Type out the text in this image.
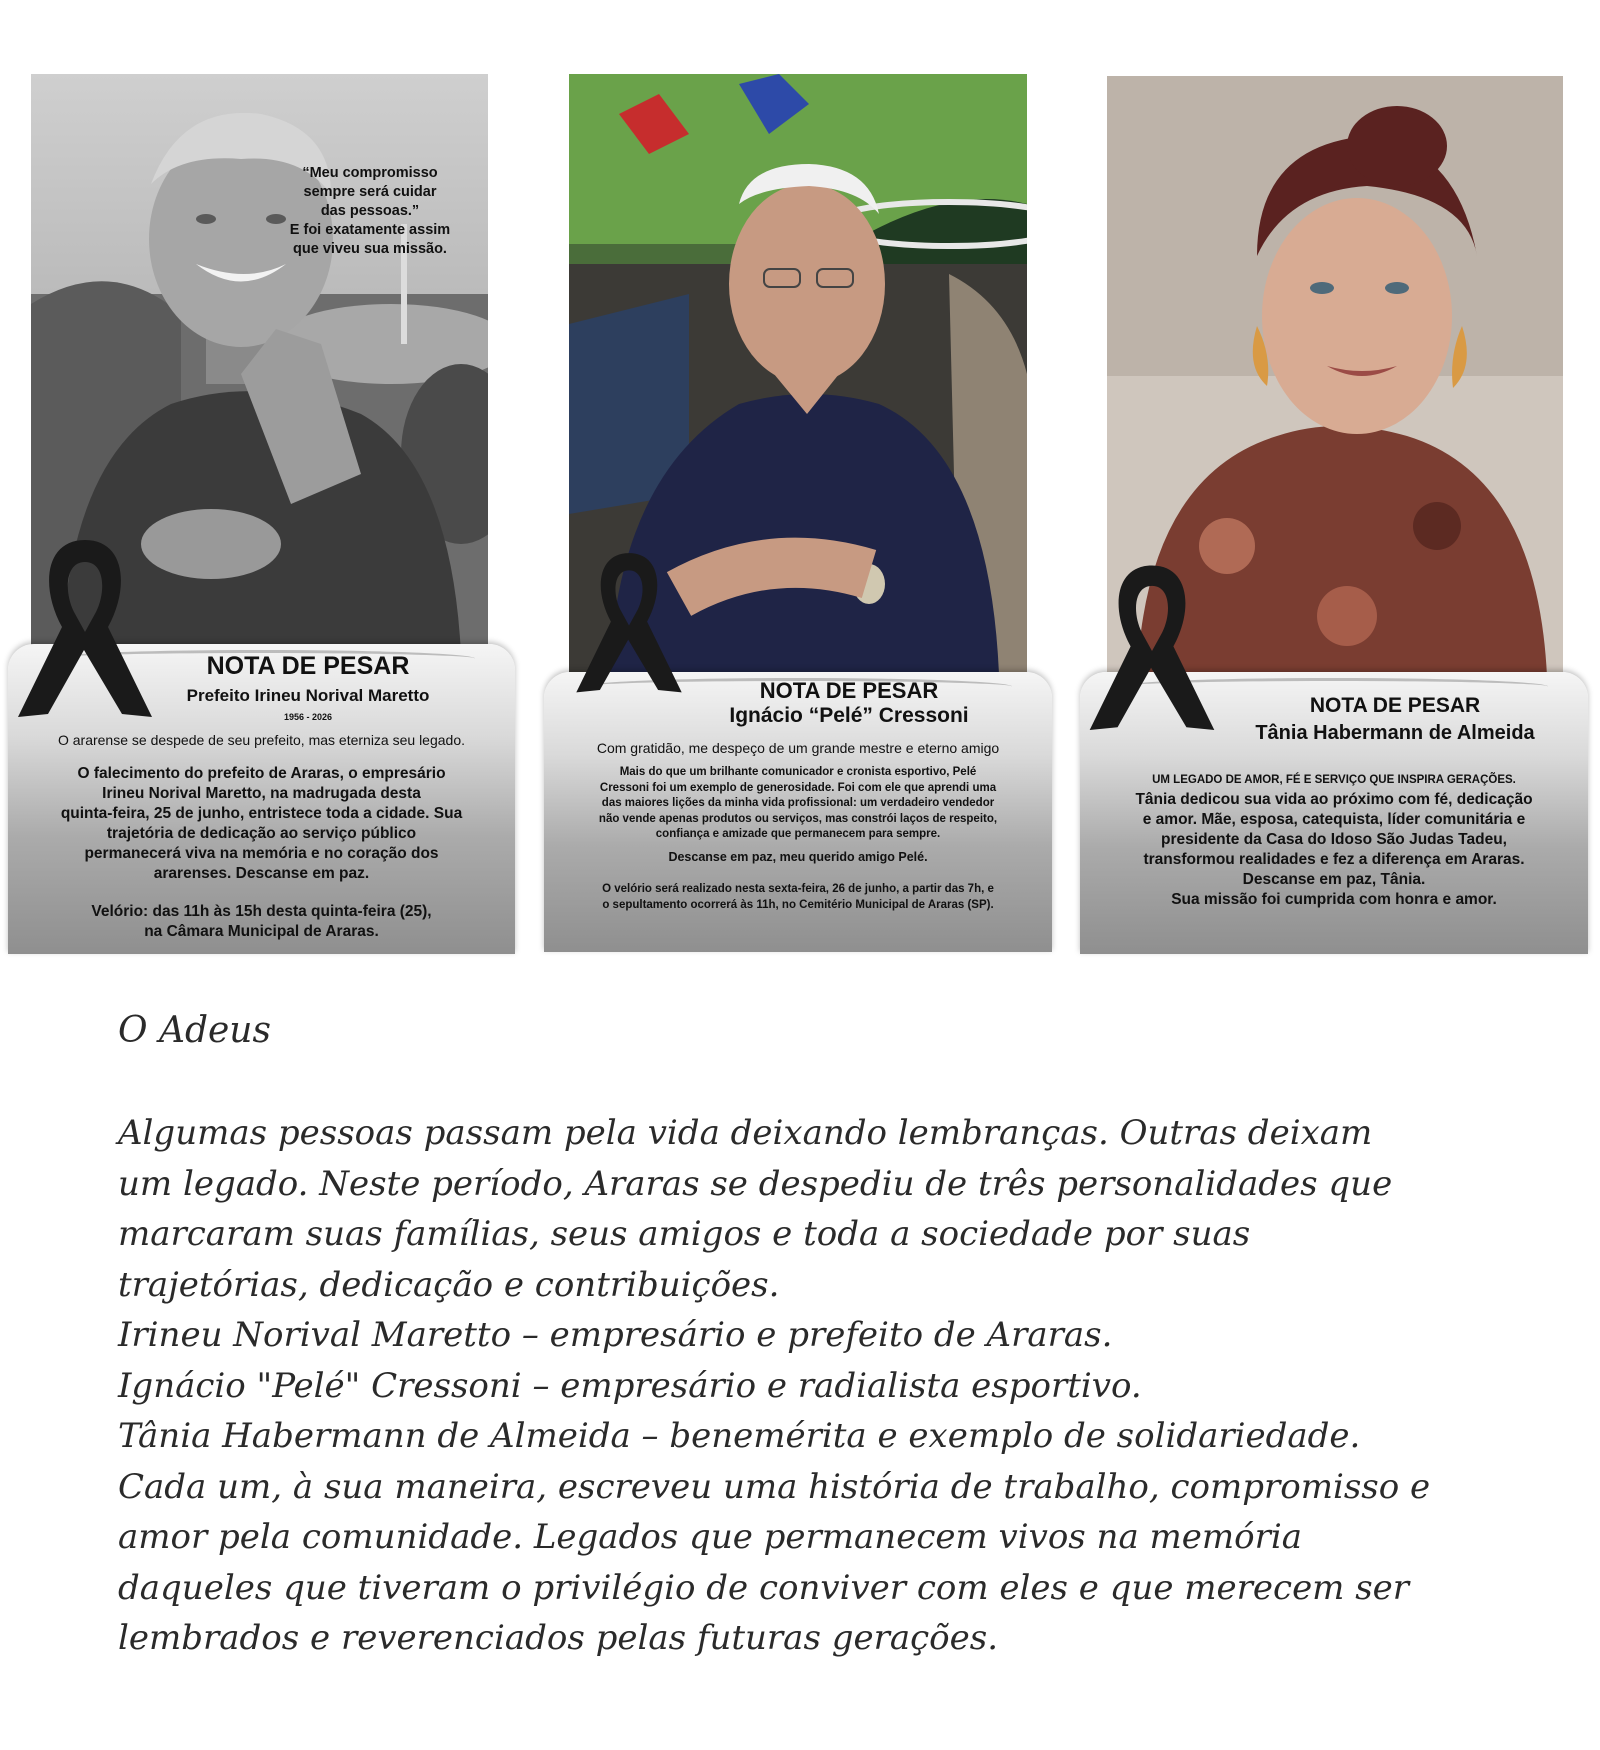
“Meu compromisso
sempre será cuidar
das pessoas.”
E foi exatamente assim
que viveu sua missão.
NOTA DE PESAR
Prefeito Irineu Norival Maretto
1956 - 2026
O ararense se despede de seu prefeito, mas eterniza seu legado.
O falecimento do prefeito de Araras, o empresário
Irineu Norival Maretto, na madrugada desta
quinta-feira, 25 de junho, entristece toda a cidade. Sua
trajetória de dedicação ao serviço público
permanecerá viva na memória e no coração dos
ararenses. Descanse em paz.
Velório: das 11h às 15h desta quinta-feira (25),
na Câmara Municipal de Araras.
NOTA DE PESAR
Ignácio “Pelé” Cressoni
Com gratidão, me despeço de um grande mestre e eterno amigo
Mais do que um brilhante comunicador e cronista esportivo, Pelé
Cressoni foi um exemplo de generosidade. Foi com ele que aprendi uma
das maiores lições da minha vida profissional: um verdadeiro vendedor
não vende apenas produtos ou serviços, mas constrói laços de respeito,
confiança e amizade que permanecem para sempre.
Descanse em paz, meu querido amigo Pelé.
O velório será realizado nesta sexta-feira, 26 de junho, a partir das 7h, e
o sepultamento ocorrerá às 11h, no Cemitério Municipal de Araras (SP).
NOTA DE PESAR
Tânia Habermann de Almeida
UM LEGADO DE AMOR, FÉ E SERVIÇO QUE INSPIRA GERAÇÕES.
Tânia dedicou sua vida ao próximo com fé, dedicação
e amor. Mãe, esposa, catequista, líder comunitária e
presidente da Casa do Idoso São Judas Tadeu,
transformou realidades e fez a diferença em Araras.
Descanse em paz, Tânia.
Sua missão foi cumprida com honra e amor.
O Adeus
Algumas pessoas passam pela vida deixando lembranças. Outras deixam
um legado. Neste período, Araras se despediu de três personalidades que
marcaram suas famílias, seus amigos e toda a sociedade por suas
trajetórias, dedicação e contribuições.
Irineu Norival Maretto – empresário e prefeito de Araras.
Ignácio "Pelé" Cressoni – empresário e radialista esportivo.
Tânia Habermann de Almeida – benemérita e exemplo de solidariedade.
Cada um, à sua maneira, escreveu uma história de trabalho, compromisso e
amor pela comunidade. Legados que permanecem vivos na memória
daqueles que tiveram o privilégio de conviver com eles e que merecem ser
lembrados e reverenciados pelas futuras gerações.
